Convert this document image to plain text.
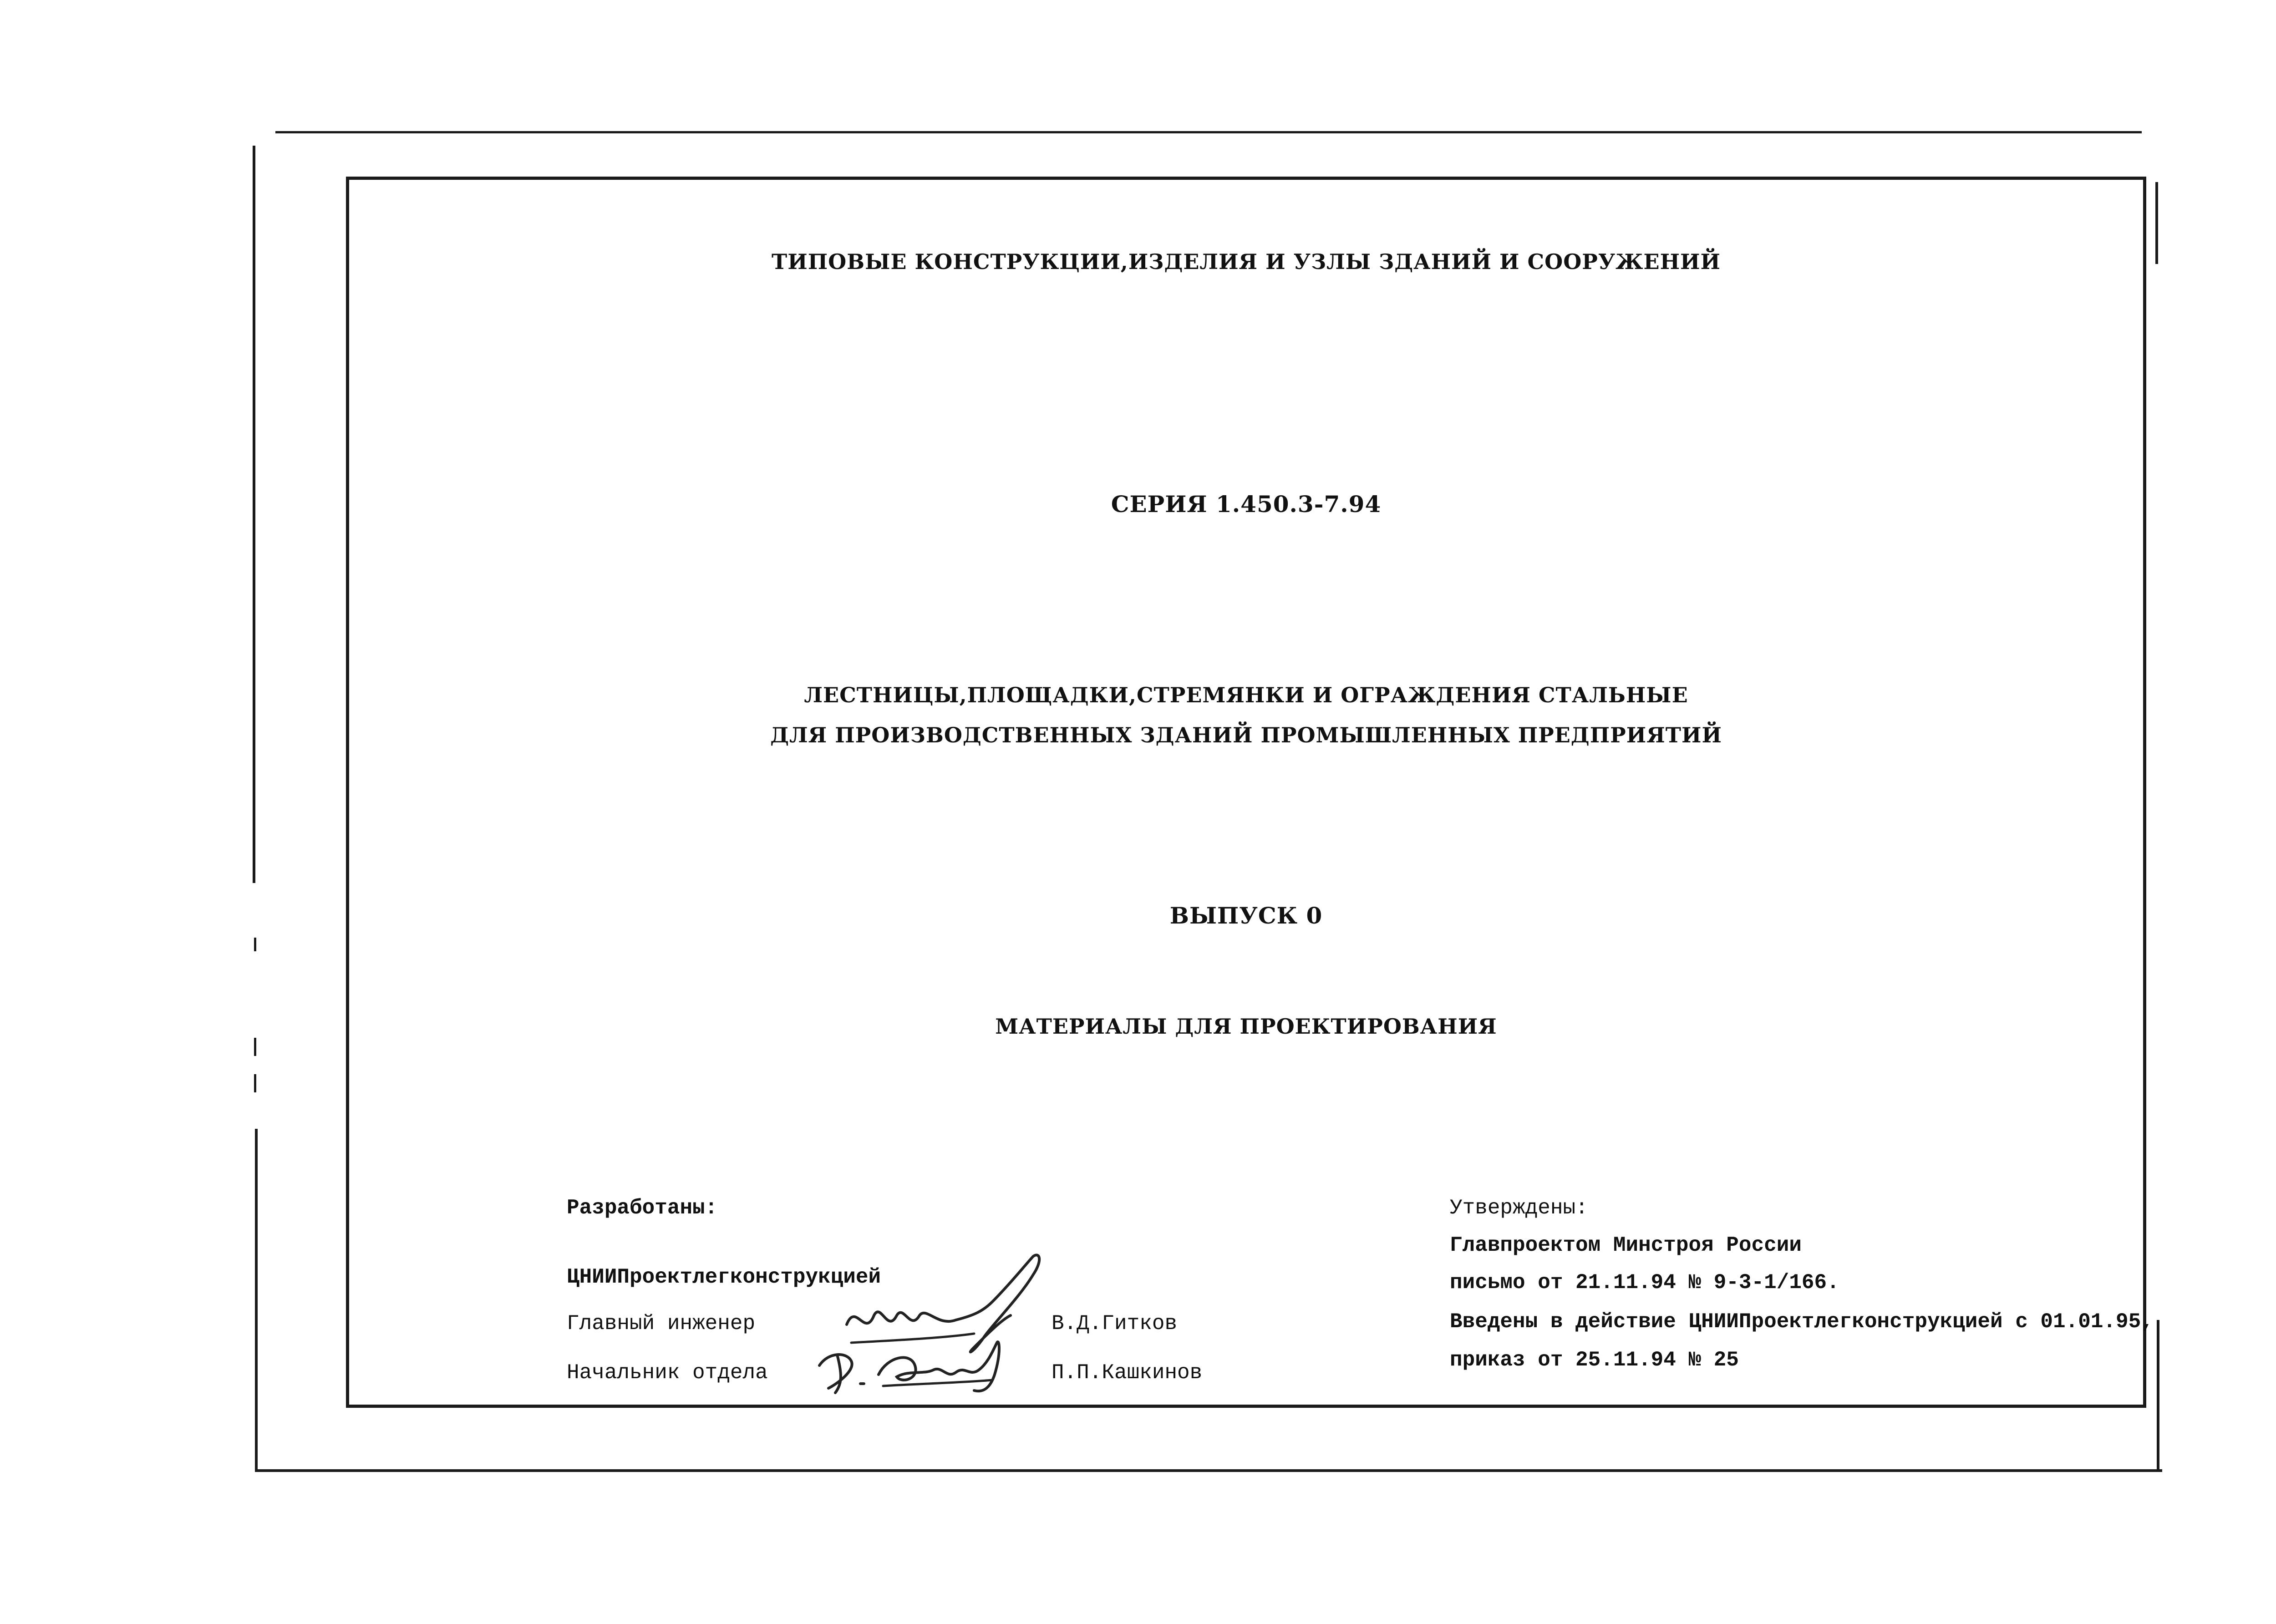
ТИПОВЫЕ КОНСТРУКЦИИ,ИЗДЕЛИЯ И УЗЛЫ ЗДАНИЙ И СООРУЖЕНИЙ
СЕРИЯ 1.450.3-7.94
ЛЕСТНИЦЫ,ПЛОЩАДКИ,СТРЕМЯНКИ И ОГРАЖДЕНИЯ СТАЛЬНЫЕ
ДЛЯ ПРОИЗВОДСТВЕННЫХ ЗДАНИЙ ПРОМЫШЛЕННЫХ ПРЕДПРИЯТИЙ
ВЫПУСК 0
МАТЕРИАЛЫ ДЛЯ ПРОЕКТИРОВАНИЯ
Разработаны:
ЦНИИПроектлегконструкцией
Главный инженер	В.Д.Гитков
Начальник отдела	П.П.Кашкинов
Утверждены:
Главпроектом Минстроя России
письмо от 21.11.94 № 9-3-1/166.
Введены в действие ЦНИИПроектлегконструкцией с 01.01.95,
приказ от 25.11.94 № 25
